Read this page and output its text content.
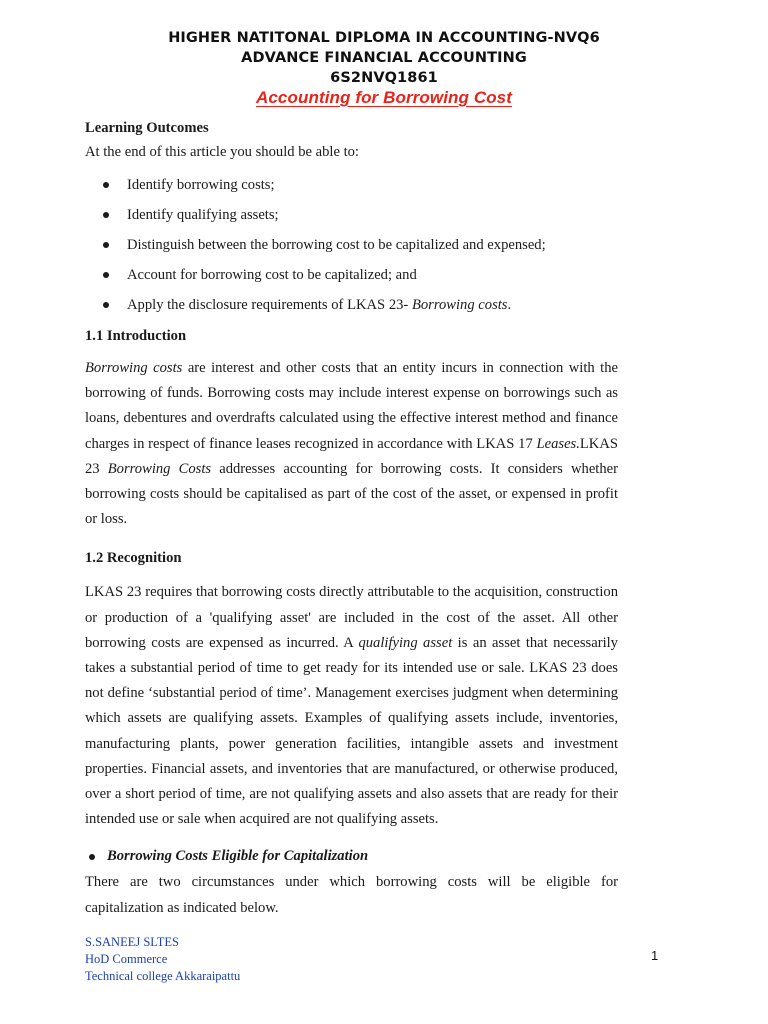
HIGHER NATITONAL DIPLOMA IN ACCOUNTING-NVQ6
ADVANCE FINANCIAL ACCOUNTING
6S2NVQ1861
Accounting for Borrowing Cost

Learning Outcomes

At the end of this article you should be able to:

Identify borrowing costs;
Identify qualifying assets;
Distinguish between the borrowing cost to be capitalized and expensed;
Account for borrowing cost to be capitalized; and
Apply the disclosure requirements of LKAS 23- Borrowing costs.

1.1 Introduction

Borrowing costs are interest and other costs that an entity incurs in connection with the borrowing of funds. Borrowing costs may include interest expense on borrowings such as loans, debentures and overdrafts calculated using the effective interest method and finance charges in respect of finance leases recognized in accordance with LKAS 17 Leases.LKAS 23 Borrowing Costs addresses accounting for borrowing costs. It considers whether borrowing costs should be capitalised as part of the cost of the asset, or expensed in profit or loss.

1.2 Recognition

LKAS 23 requires that borrowing costs directly attributable to the acquisition, construction or production of a 'qualifying asset' are included in the cost of the asset. All other borrowing costs are expensed as incurred. A qualifying asset is an asset that necessarily takes a substantial period of time to get ready for its intended use or sale. LKAS 23 does not define ‘substantial period of time’. Management exercises judgment when determining which assets are qualifying assets. Examples of qualifying assets include, inventories, manufacturing plants, power generation facilities, intangible assets and investment properties. Financial assets, and inventories that are manufactured, or otherwise produced, over a short period of time, are not qualifying assets and also assets that are ready for their intended use or sale when acquired are not qualifying assets.

Borrowing Costs Eligible for Capitalization

There are two circumstances under which borrowing costs will be eligible for capitalization as indicated below.

S.SANEEJ SLTES
HoD Commerce
Technical college Akkaraipattu
1
